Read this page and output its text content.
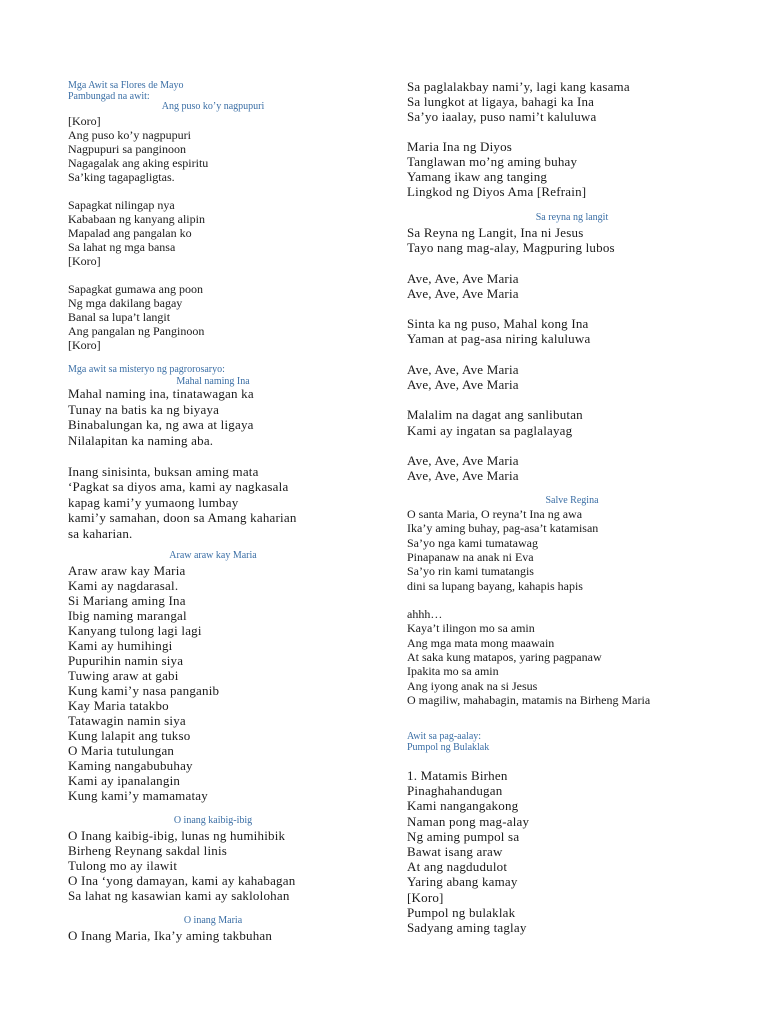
Mga Awit sa Flores de Mayo
Pambungad na awit:
Ang puso ko’y nagpupuri
[Koro]
Ang puso ko’y nagpupuri
Nagpupuri sa panginoon
Nagagalak ang aking espiritu
Sa’king tagapagligtas.
Sapagkat nilingap nya
Kababaan ng kanyang alipin
Mapalad ang pangalan ko
Sa lahat ng mga bansa
[Koro]
Sapagkat gumawa ang poon
Ng mga dakilang bagay
Banal sa lupa’t langit
Ang pangalan ng Panginoon
[Koro]
Mga awit sa misteryo ng pagrorosaryo:
Mahal naming Ina
Mahal naming ina, tinatawagan ka
Tunay na batis ka ng biyaya
Binabalungan ka, ng awa at ligaya
Nilalapitan ka naming aba.
Inang sinisinta, buksan aming mata
‘Pagkat sa diyos ama, kami ay nagkasala
kapag kami’y yumaong lumbay
kami’y samahan, doon sa Amang kaharian
sa kaharian.
Araw araw kay Maria
Araw araw kay Maria
Kami ay nagdarasal.
Si Mariang aming Ina
Ibig naming marangal
Kanyang tulong lagi lagi
Kami ay humihingi
Pupurihin namin siya
Tuwing araw at gabi
Kung kami’y nasa panganib
Kay Maria tatakbo
Tatawagin namin siya
Kung lalapit ang tukso
O Maria tutulungan
Kaming nangabubuhay
Kami ay ipanalangin
Kung kami’y mamamatay
O inang kaibig-ibig
O Inang kaibig-ibig, lunas ng humihibik
Birheng Reynang sakdal linis
Tulong mo ay ilawit
O Ina ‘yong damayan, kami ay kahabagan
Sa lahat ng kasawian kami ay saklolohan
O inang Maria
O Inang Maria, Ika’y aming takbuhan
Sa paglalakbay nami’y, lagi kang kasama
Sa lungkot at ligaya, bahagi ka Ina
Sa’yo iaalay, puso nami’t kaluluwa
Maria Ina ng Diyos
Tanglawan mo’ng aming buhay
Yamang ikaw ang tanging
Lingkod ng Diyos Ama [Refrain]
Sa reyna ng langit
Sa Reyna ng Langit, Ina ni Jesus
Tayo nang mag-alay, Magpuring lubos
Ave, Ave, Ave Maria
Ave, Ave, Ave Maria
Sinta ka ng puso, Mahal kong Ina
Yaman at pag-asa niring kaluluwa
Ave, Ave, Ave Maria
Ave, Ave, Ave Maria
Malalim na dagat ang sanlibutan
Kami ay ingatan sa paglalayag
Ave, Ave, Ave Maria
Ave, Ave, Ave Maria
Salve Regina
O santa Maria, O reyna’t Ina ng awa
Ika’y aming buhay, pag-asa’t katamisan
Sa’yo nga kami tumatawag
Pinapanaw na anak ni Eva
Sa’yo rin kami tumatangis
dini sa lupang bayang, kahapis hapis
ahhh…
Kaya’t ilingon mo sa amin
Ang mga mata mong maawain
At saka kung matapos, yaring pagpanaw
Ipakita mo sa amin
Ang iyong anak na si Jesus
O magiliw, mahabagin, matamis na Birheng Maria
Awit sa pag-aalay:
Pumpol ng Bulaklak
1. Matamis Birhen
Pinaghahandugan
Kami nangangakong
Naman pong mag-alay
Ng aming pumpol sa
Bawat isang araw
At ang nagdudulot
Yaring abang kamay
[Koro]
Pumpol ng bulaklak
Sadyang aming taglay
